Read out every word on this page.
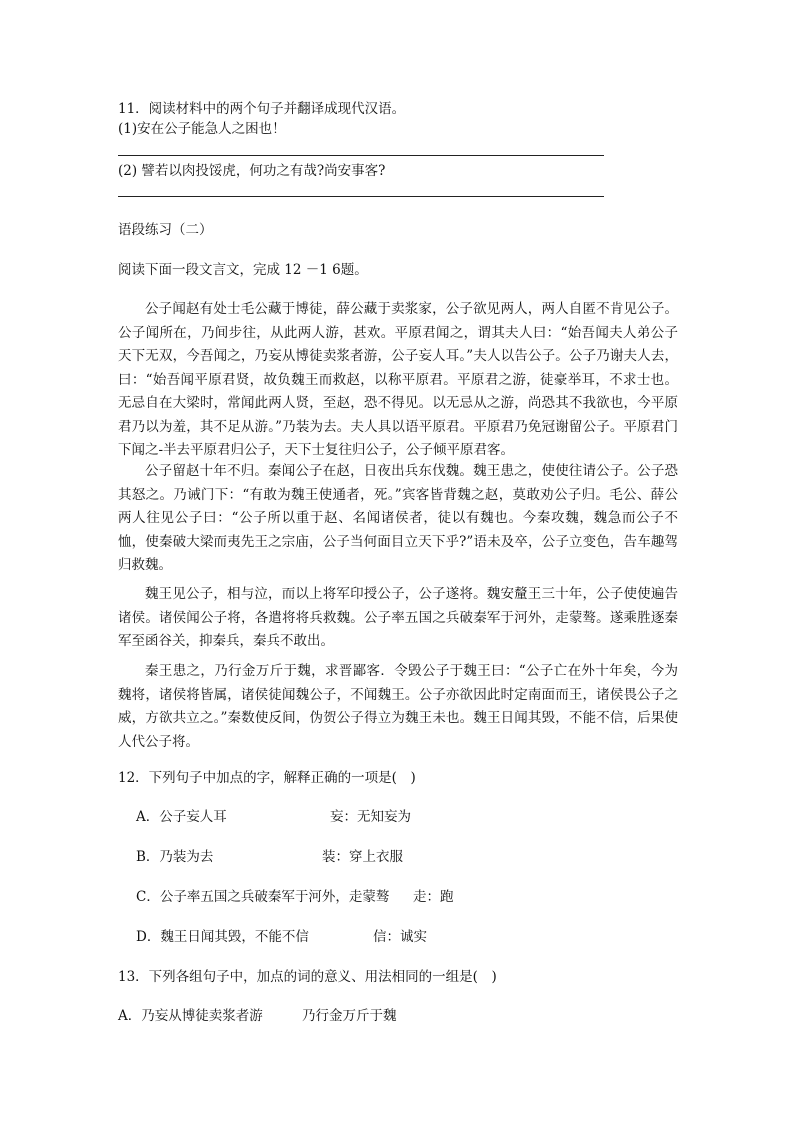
11．阅读材料中的两个句子并翻译成现代汉语。
(1)安在公子能急人之困也！
(2) 譬若以肉投馁虎，何功之有哉?尚安事客?
语段练习（二）
阅读下面一段文言文，完成 12 －1 6题。

公子闻赵有处士毛公藏于博徒，薛公藏于卖浆家，公子欲见两人，两人自匿不肯见公子。公子闻所在，乃间步往，从此两人游，甚欢。平原君闻之，谓其夫人曰：“始吾闻夫人弟公子天下无双，今吾闻之，乃妄从博徒卖浆者游，公子妄人耳。”夫人以告公子。公子乃谢夫人去，曰：“始吾闻平原君贤，故负魏王而救赵，以称平原君。平原君之游，徒豪举耳，不求士也。无忌自在大梁时，常闻此两人贤，至赵，恐不得见。以无忌从之游，尚恐其不我欲也，今平原君乃以为羞，其不足从游。”乃装为去。夫人具以语平原君。平原君乃免冠谢留公子。平原君门下闻之-半去平原君归公子，天下士复往归公子，公子倾平原君客。

公子留赵十年不归。秦闻公子在赵，日夜出兵东伐魏。魏王患之，使使往请公子。公子恐其怒之。乃诫门下：“有敢为魏王使通者，死。”宾客皆背魏之赵，莫敢劝公子归。毛公、薛公两人往见公子曰：“公子所以重于赵、名闻诸侯者，徒以有魏也。今秦攻魏，魏急而公子不恤，使秦破大梁而夷先王之宗庙，公子当何面目立天下乎?”语未及卒，公子立变色，告车趣驾归救魏。

魏王见公子，相与泣，而以上将军印授公子，公子遂将。魏安釐王三十年，公子使使遍告诸侯。诸侯闻公子将，各遣将将兵救魏。公子率五国之兵破秦军于河外，走蒙骜。遂乘胜逐秦军至函谷关，抑秦兵，秦兵不敢出。

秦王患之，乃行金万斤于魏，求晋鄙客．令毁公子于魏王曰：“公子亡在外十年矣，今为魏将，诸侯将皆属，诸侯徒闻魏公子，不闻魏王。公子亦欲因此时定南面而王，诸侯畏公子之威，方欲共立之。”秦数使反间，伪贺公子得立为魏王未也。魏王日闻其毁，不能不信，后果使人代公子将。

12．下列句子中加点的字，解释正确的一项是(　)
A．公子妄人耳	妄：无知妄为
B．乃装为去	装：穿上衣服
C．公子率五国之兵破秦军于河外，走蒙骜 走：跑
D．魏王日闻其毁，不能不信	信：诚实
13．下列各组句子中，加点的词的意义、用法相同的一组是(　)
A．乃妄从博徒卖浆者游	乃行金万斤于魏
